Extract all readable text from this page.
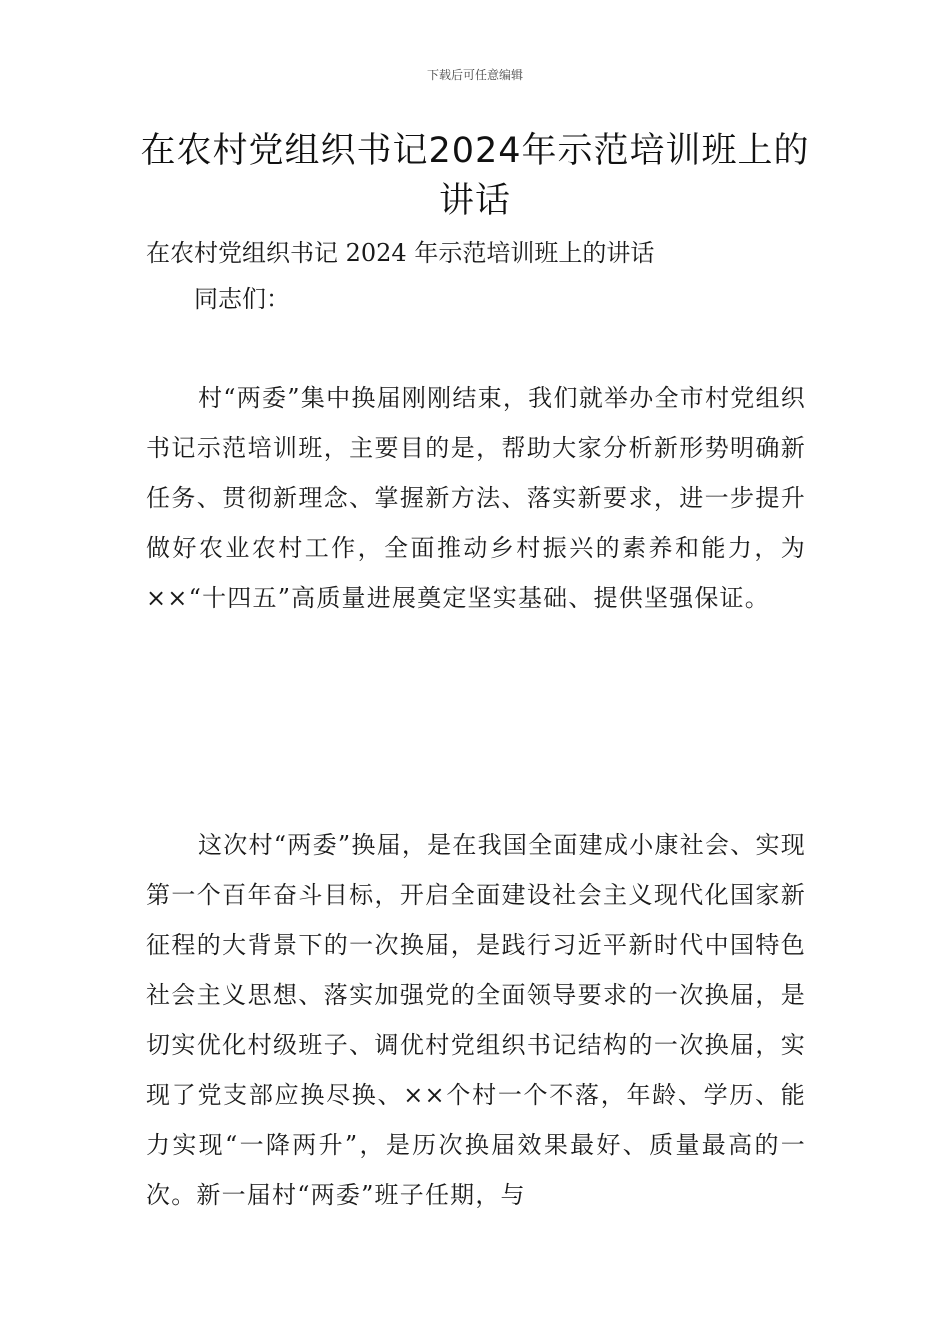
下载后可任意编辑
在农村党组织书记2024年示范培训班上的讲话
在农村党组织书记 2024 年示范培训班上的讲话
同志们：
村“两委”集中换届刚刚结束，我们就举办全市村党组织书记示范培训班，主要目的是，帮助大家分析新形势明确新任务、贯彻新理念、掌握新方法、落实新要求，进一步提升做好农业农村工作，全面推动乡村振兴的素养和能力，为××“十四五”高质量进展奠定坚实基础、提供坚强保证。
这次村“两委”换届，是在我国全面建成小康社会、实现第一个百年奋斗目标，开启全面建设社会主义现代化国家新征程的大背景下的一次换届，是践行习近平新时代中国特色社会主义思想、落实加强党的全面领导要求的一次换届，是切实优化村级班子、调优村党组织书记结构的一次换届，实现了党支部应换尽换、××个村一个不落，年龄、学历、能力实现“一降两升”，是历次换届效果最好、质量最高的一次。新一届村“两委”班子任期，与
